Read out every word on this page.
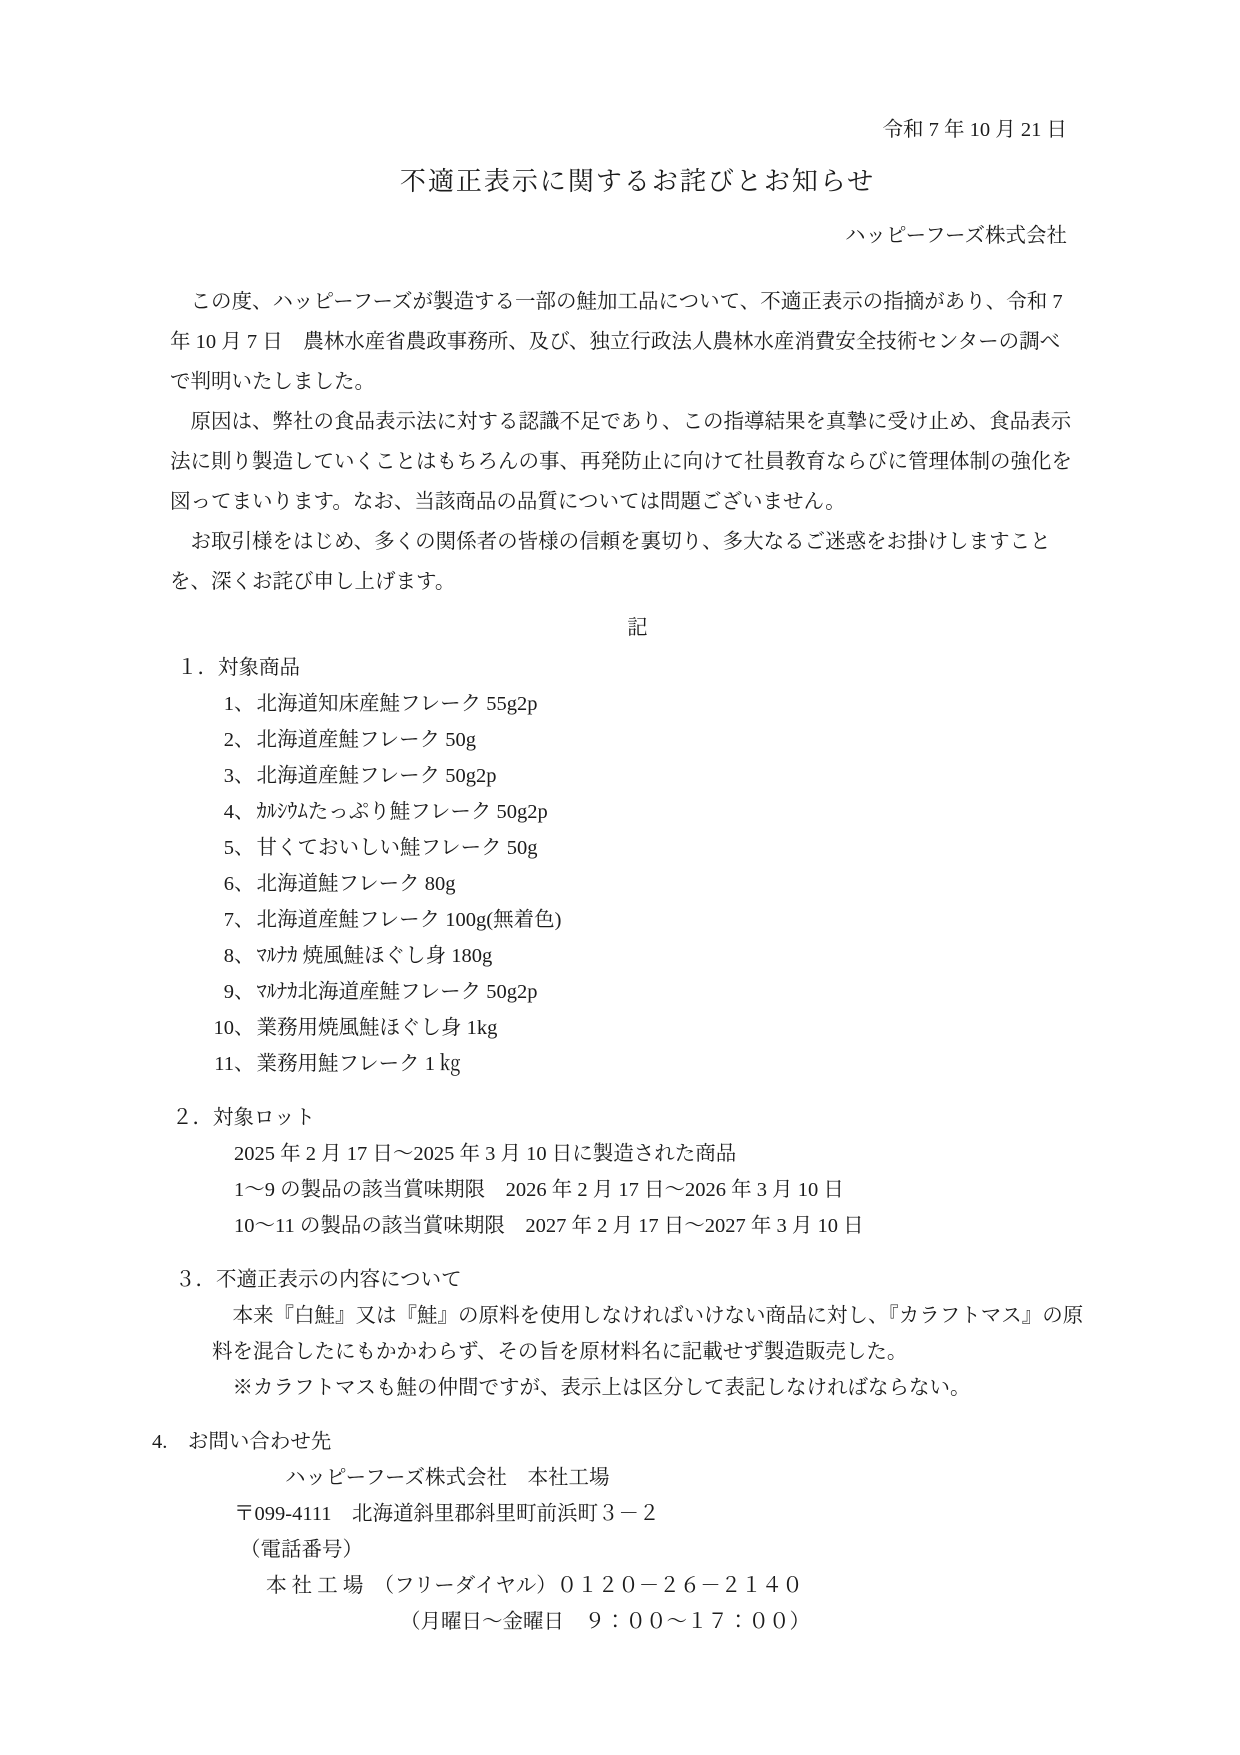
令和 7 年 10 月 21 日
不適正表示に関するお詫びとお知らせ
ハッピーフーズ株式会社
　この度、ハッピーフーズが製造する一部の鮭加工品について、不適正表示の指摘があり、令和 7
年 10 月 7 日　農林水産省農政事務所、及び、独立行政法人農林水産消費安全技術センターの調べ
で判明いたしました。
　原因は、弊社の食品表示法に対する認識不足であり、この指導結果を真摯に受け止め、食品表示
法に則り製造していくことはもちろんの事、再発防止に向けて社員教育ならびに管理体制の強化を
図ってまいります。なお、当該商品の品質については問題ございません。
　お取引様をはじめ、多くの関係者の皆様の信頼を裏切り、多大なるご迷惑をお掛けしますこと
を、深くお詫び申し上げます。
記
１．対象商品
1 、 北海道知床産鮭フレーク 55g2p
2 、 北海道産鮭フレーク 50g
3 、 北海道産鮭フレーク 50g2p
4 、 ｶﾙｼｳﾑたっぷり鮭フレーク 50g2p
5 、 甘くておいしい鮭フレーク 50g
6 、 北海道鮭フレーク 80g
7 、 北海道産鮭フレーク 100g(無着色)
8 、 ﾏﾙﾅｶ 焼風鮭ほぐし身 180g
9 、 ﾏﾙﾅｶ北海道産鮭フレーク 50g2p
10 、 業務用焼風鮭ほぐし身 1kg
11 、 業務用鮭フレーク 1 ㎏
２．対象ロット
2025 年 2 月 17 日～2025 年 3 月 10 日に製造された商品
1～9 の製品の該当賞味期限　2026 年 2 月 17 日～2026 年 3 月 10 日
10～11 の製品の該当賞味期限　2027 年 2 月 17 日～2027 年 3 月 10 日
３．不適正表示の内容について
　本来『白鮭』又は『鮭』の原料を使用しなければいけない商品に対し、『カラフトマス』の原
料を混合したにもかかわらず、その旨を原材料名に記載せず製造販売した。
　※カラフトマスも鮭の仲間ですが、表示上は区分して表記しなければならない。
4.　お問い合わせ先
ハッピーフーズ株式会社　本社工場
〒099-4111　北海道斜里郡斜里町前浜町３－２
（電話番号）
本 社 工 場　（フリーダイヤル）０１２０－２６－２１４０
（月曜日～金曜日　９：００～１７：００）
